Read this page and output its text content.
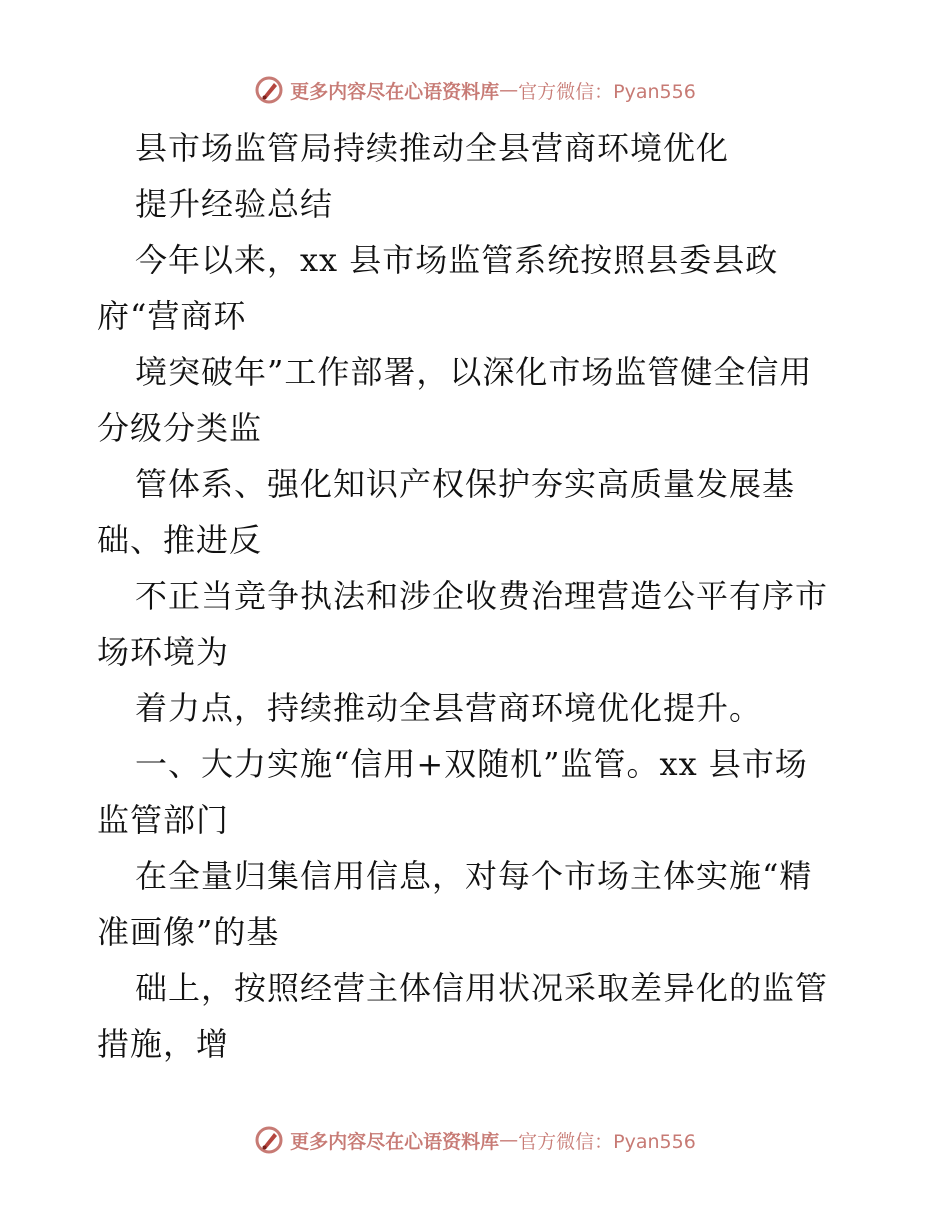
更多内容尽在心语资料库 — 官方微信：Pyan556
县市场监管局持续推动全县营商环境优化
提升经验总结
今年以来，xx 县市场监管系统按照县委县政
府“营商环
境突破年”工作部署，以深化市场监管健全信用
分级分类监
管体系、强化知识产权保护夯实高质量发展基
础、推进反
不正当竞争执法和涉企收费治理营造公平有序市
场环境为
着力点，持续推动全县营商环境优化提升。
一、大力实施“信用+双随机”监管。xx 县市场
监管部门
在全量归集信用信息，对每个市场主体实施“精
准画像”的基
础上，按照经营主体信用状况采取差异化的监管
措施，增
更多内容尽在心语资料库 — 官方微信：Pyan556
